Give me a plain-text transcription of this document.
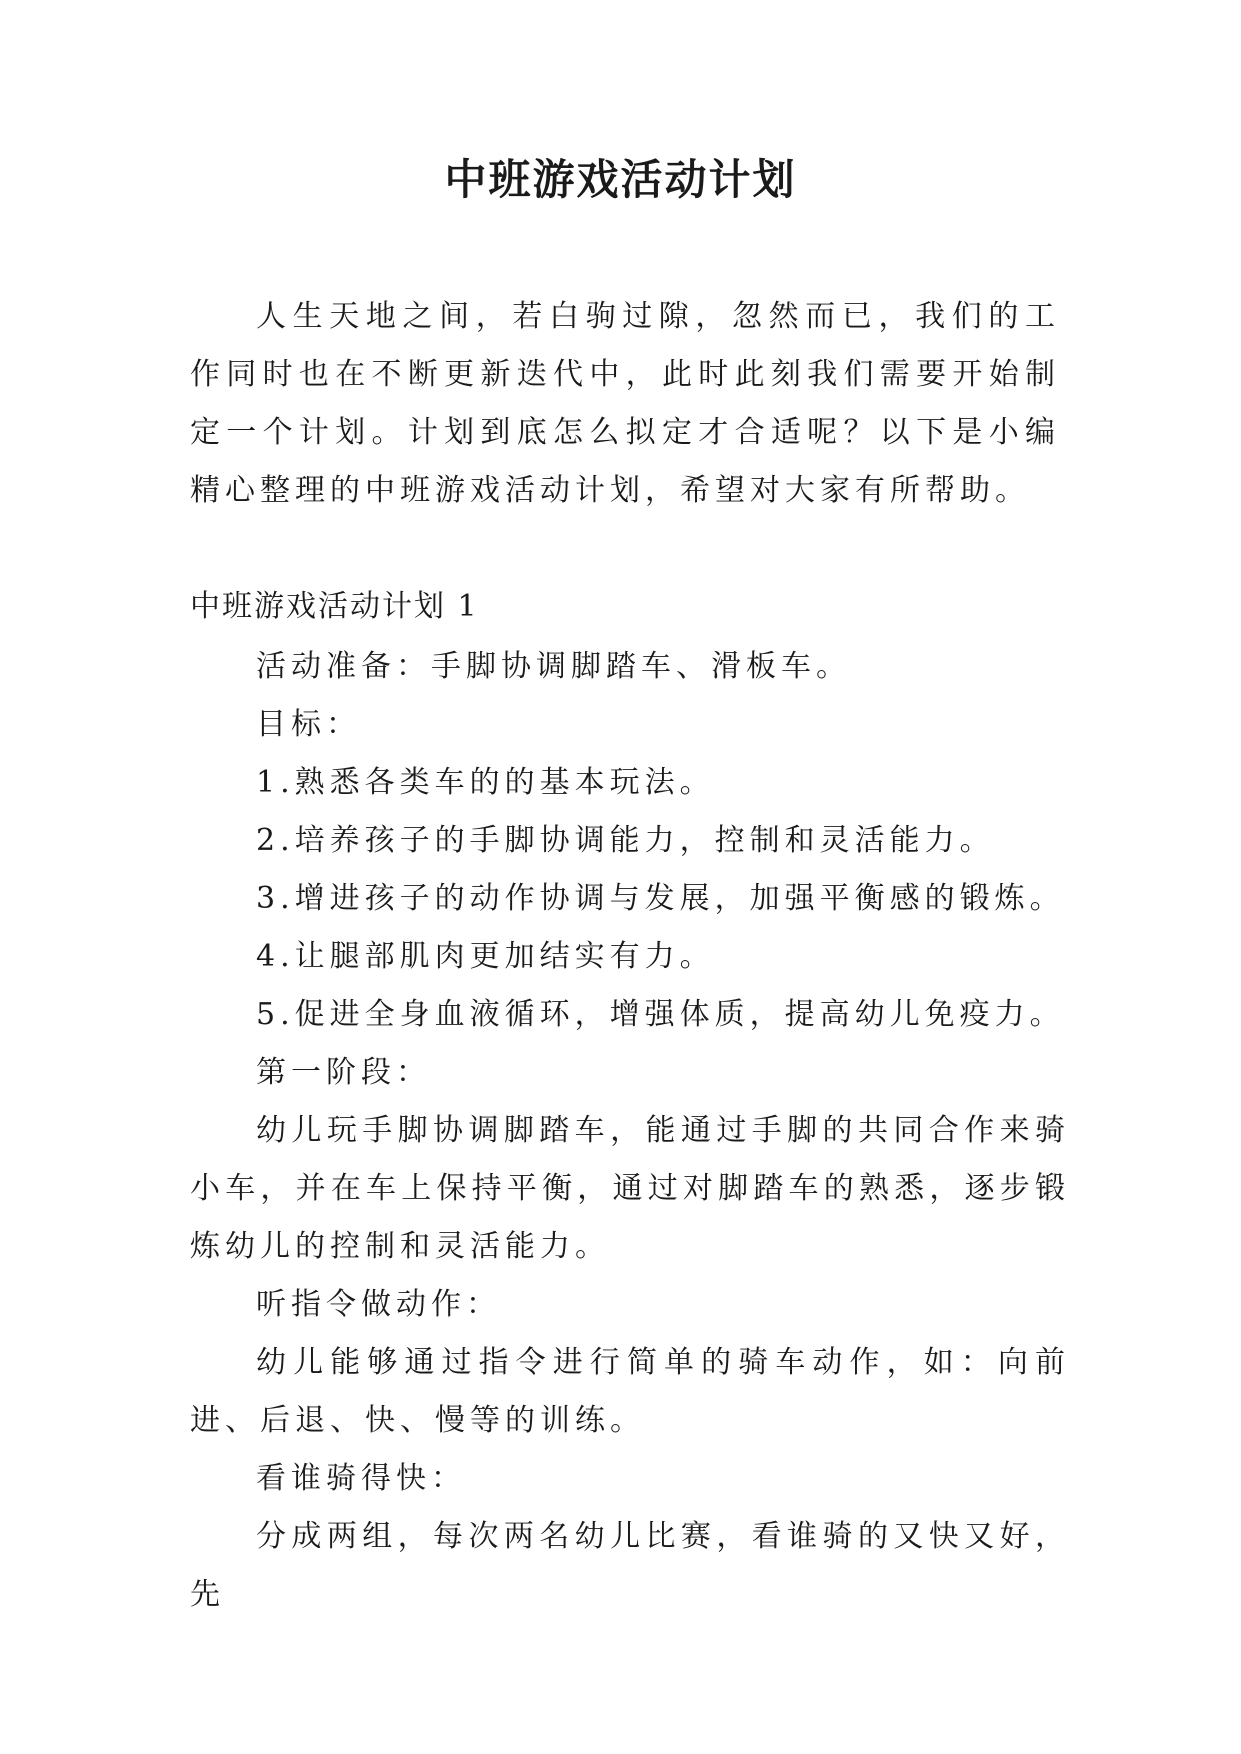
中班游戏活动计划

人生天地之间，若白驹过隙，忽然而已，我们的工作同时也在不断更新迭代中，此时此刻我们需要开始制定一个计划。计划到底怎么拟定才合适呢？以下是小编精心整理的中班游戏活动计划，希望对大家有所帮助。

中班游戏活动计划 1

活动准备：手脚协调脚踏车、滑板车。

目标：

1.熟悉各类车的的基本玩法。

2.培养孩子的手脚协调能力，控制和灵活能力。

3.增进孩子的动作协调与发展，加强平衡感的锻炼。

4.让腿部肌肉更加结实有力。

5.促进全身血液循环，增强体质，提高幼儿免疫力。

第一阶段：

幼儿玩手脚协调脚踏车，能通过手脚的共同合作来骑小车，并在车上保持平衡，通过对脚踏车的熟悉，逐步锻炼幼儿的控制和灵活能力。

听指令做动作：

幼儿能够通过指令进行简单的骑车动作，如：向前进、后退、快、慢等的训练。

看谁骑得快：

分成两组，每次两名幼儿比赛，看谁骑的又快又好，先
